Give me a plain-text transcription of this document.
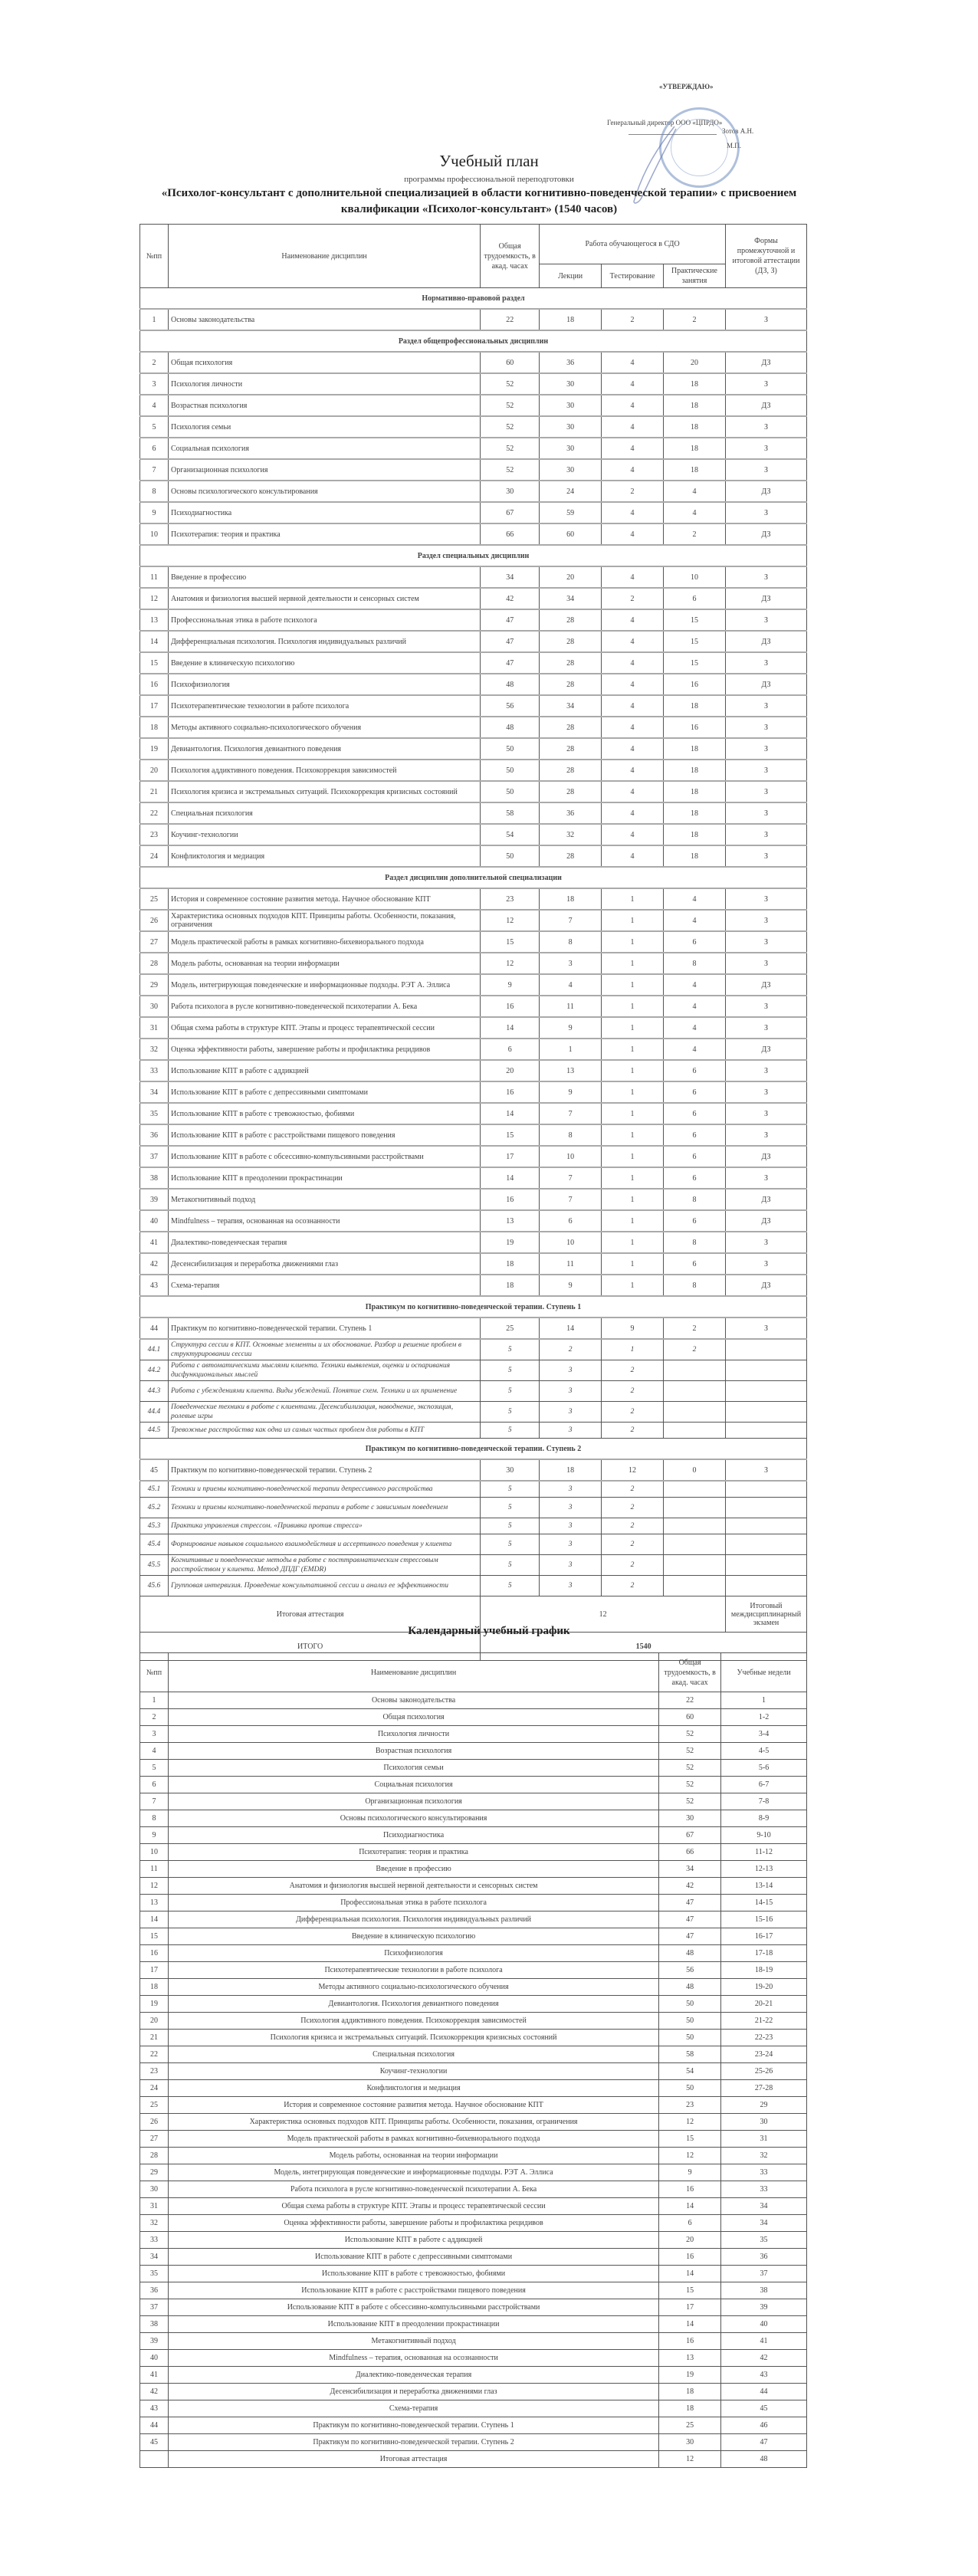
«УТВЕРЖДАЮ»
Генеральный директор ООО «ЦПРДО»
Зотов А.Н.
М.П.
Учебный план
программы профессиональной переподготовки
«Психолог-консультант с дополнительной специализацией в области когнитивно-поведенческой терапии» с присвоением квалификации «Психолог-консультант» (1540 часов)
№пп	Наименование дисциплин	Общая трудоемкость, в акад. часах	Работа обучающегося в СДО			Формы промежуточной и итоговой аттестации (ДЗ, З)
			Лекции	Тестирование	Практические занятия	
Нормативно-правовой раздел						
1	Основы законодательства	22	18	2	2	З
Раздел общепрофессиональных дисциплин						
2	Общая психология	60	36	4	20	ДЗ
3	Психология личности	52	30	4	18	З
4	Возрастная психология	52	30	4	18	ДЗ
5	Психология семьи	52	30	4	18	З
6	Социальная психология	52	30	4	18	З
7	Организационная психология	52	30	4	18	З
8	Основы психологического консультирования	30	24	2	4	ДЗ
9	Психодиагностика	67	59	4	4	З
10	Психотерапия: теория и практика	66	60	4	2	ДЗ
Раздел специальных дисциплин						
11	Введение в профессию	34	20	4	10	З
12	Анатомия и физиология высшей нервной деятельности и сенсорных систем	42	34	2	6	ДЗ
13	Профессиональная этика в работе психолога	47	28	4	15	З
14	Дифференциальная психология. Психология индивидуальных различий	47	28	4	15	ДЗ
15	Введение в клиническую психологию	47	28	4	15	З
16	Психофизиология	48	28	4	16	ДЗ
17	Психотерапевтические технологии в работе психолога	56	34	4	18	З
18	Методы активного социально-психологического обучения	48	28	4	16	З
19	Девиантология. Психология девиантного поведения	50	28	4	18	З
20	Психология аддиктивного поведения. Психокоррекция зависимостей	50	28	4	18	З
21	Психология кризиса и экстремальных ситуаций. Психокоррекция кризисных состояний	50	28	4	18	З
22	Специальная психология	58	36	4	18	З
23	Коучинг-технологии	54	32	4	18	З
24	Конфликтология и медиация	50	28	4	18	З
Раздел дисциплин дополнительной специализации						
25	История и современное состояние развития метода. Научное обоснование КПТ	23	18	1	4	З
26	Характеристика основных подходов КПТ. Принципы работы. Особенности, показания, ограничения	12	7	1	4	З
27	Модель практической работы в рамках когнитивно-бихевиорального подхода	15	8	1	6	З
28	Модель работы, основанная на теории информации	12	3	1	8	З
29	Модель, интегрирующая поведенческие и информационные подходы. РЭТ А. Эллиса	9	4	1	4	ДЗ
30	Работа психолога в русле когнитивно-поведенческой психотерапии А. Бека	16	11	1	4	З
31	Общая схема работы в структуре КПТ. Этапы и процесс терапевтической сессии	14	9	1	4	З
32	Оценка эффективности работы, завершение работы и профилактика рецидивов	6	1	1	4	ДЗ
33	Использование КПТ в работе с аддикцией	20	13	1	6	З
34	Использование КПТ в работе с депрессивными симптомами	16	9	1	6	З
35	Использование КПТ в работе с тревожностью, фобиями	14	7	1	6	З
36	Использование КПТ в работе с расстройствами пищевого поведения	15	8	1	6	З
37	Использование КПТ в работе с обсессивно-компульсивными расстройствами	17	10	1	6	ДЗ
38	Использование КПТ в преодолении прокрастинации	14	7	1	6	З
39	Метакогнитивный подход	16	7	1	8	ДЗ
40	Mindfulness – терапия, основанная на осознанности	13	6	1	6	ДЗ
41	Диалектико-поведенческая терапия	19	10	1	8	З
42	Десенсибилизация и переработка движениями глаз	18	11	1	6	З
43	Схема-терапия	18	9	1	8	ДЗ
Практикум по когнитивно-поведенческой терапии. Ступень 1						
44	Практикум по когнитивно-поведенческой терапии. Ступень 1	25	14	9	2	З
44.1	Структура сессии в КПТ. Основные элементы и их обоснование. Разбор и решение проблем в структурировании сессии	5	2	1	2	
44.2	Работа с автоматическими мыслями клиента. Техники выявления, оценки и оспаривания дисфункциональных мыслей	5	3	2		
44.3	Работа с убеждениями клиента. Виды убеждений. Понятие схем. Техники и их применение	5	3	2		
44.4	Поведенческие техники в работе с клиентами. Десенсибилизация, наводнение, экспозиция, ролевые игры	5	3	2		
44.5	Тревожные расстройства как одна из самых частых проблем для работы в КПТ	5	3	2		
Практикум по когнитивно-поведенческой терапии. Ступень 2						
45	Практикум по когнитивно-поведенческой терапии. Ступень 2	30	18	12	0	З
45.1	Техники и приемы когнитивно-поведенческой терапии депрессивного расстройства	5	3	2		
45.2	Техники и приемы когнитивно-поведенческой терапии в работе с зависимым поведением	5	3	2		
45.3	Практика управления стрессом. «Прививка против стресса»	5	3	2		
45.4	Формирование навыков социального взаимодействия и ассертивного поведения у клиента	5	3	2		
45.5	Когнитивные и поведенческие методы в работе с посттравматическим стрессовым расстройством у клиента. Метод ДПДГ (EMDR)	5	3	2		
45.6	Групповая интервизия. Проведение консультативной сессии и анализ ее эффективности	5	3	2		
Итоговая аттестация		12				Итоговый междисциплинарный экзамен
ИТОГО		1540				
Календарный учебный график
№пп	Наименование дисциплин	Общая трудоемкость, в акад. часах	Учебные недели
1	Основы законодательства	22	1
2	Общая психология	60	1-2
3	Психология личности	52	3-4
4	Возрастная психология	52	4-5
5	Психология семьи	52	5-6
6	Социальная психология	52	6-7
7	Организационная психология	52	7-8
8	Основы психологического консультирования	30	8-9
9	Психодиагностика	67	9-10
10	Психотерапия: теория и практика	66	11-12
11	Введение в профессию	34	12-13
12	Анатомия и физиология высшей нервной деятельности и сенсорных систем	42	13-14
13	Профессиональная этика в работе психолога	47	14-15
14	Дифференциальная психология. Психология индивидуальных различий	47	15-16
15	Введение в клиническую психологию	47	16-17
16	Психофизиология	48	17-18
17	Психотерапевтические технологии в работе психолога	56	18-19
18	Методы активного социально-психологического обучения	48	19-20
19	Девиантология. Психология девиантного поведения	50	20-21
20	Психология аддиктивного поведения. Психокоррекция зависимостей	50	21-22
21	Психология кризиса и экстремальных ситуаций. Психокоррекция кризисных состояний	50	22-23
22	Специальная психология	58	23-24
23	Коучинг-технологии	54	25-26
24	Конфликтология и медиация	50	27-28
25	История и современное состояние развития метода. Научное обоснование КПТ	23	29
26	Характеристика основных подходов КПТ. Принципы работы. Особенности, показания, ограничения	12	30
27	Модель практической работы в рамках когнитивно-бихевиорального подхода	15	31
28	Модель работы, основанная на теории информации	12	32
29	Модель, интегрирующая поведенческие и информационные подходы. РЭТ А. Эллиса	9	33
30	Работа психолога в русле когнитивно-поведенческой психотерапии А. Бека	16	33
31	Общая схема работы в структуре КПТ. Этапы и процесс терапевтической сессии	14	34
32	Оценка эффективности работы, завершение работы и профилактика рецидивов	6	34
33	Использование КПТ в работе с аддикцией	20	35
34	Использование КПТ в работе с депрессивными симптомами	16	36
35	Использование КПТ в работе с тревожностью, фобиями	14	37
36	Использование КПТ в работе с расстройствами пищевого поведения	15	38
37	Использование КПТ в работе с обсессивно-компульсивными расстройствами	17	39
38	Использование КПТ в преодолении прокрастинации	14	40
39	Метакогнитивный подход	16	41
40	Mindfulness – терапия, основанная на осознанности	13	42
41	Диалектико-поведенческая терапия	19	43
42	Десенсибилизация и переработка движениями глаз	18	44
43	Схема-терапия	18	45
44	Практикум по когнитивно-поведенческой терапии. Ступень 1	25	46
45	Практикум по когнитивно-поведенческой терапии. Ступень 2	30	47
	Итоговая аттестация	12	48
